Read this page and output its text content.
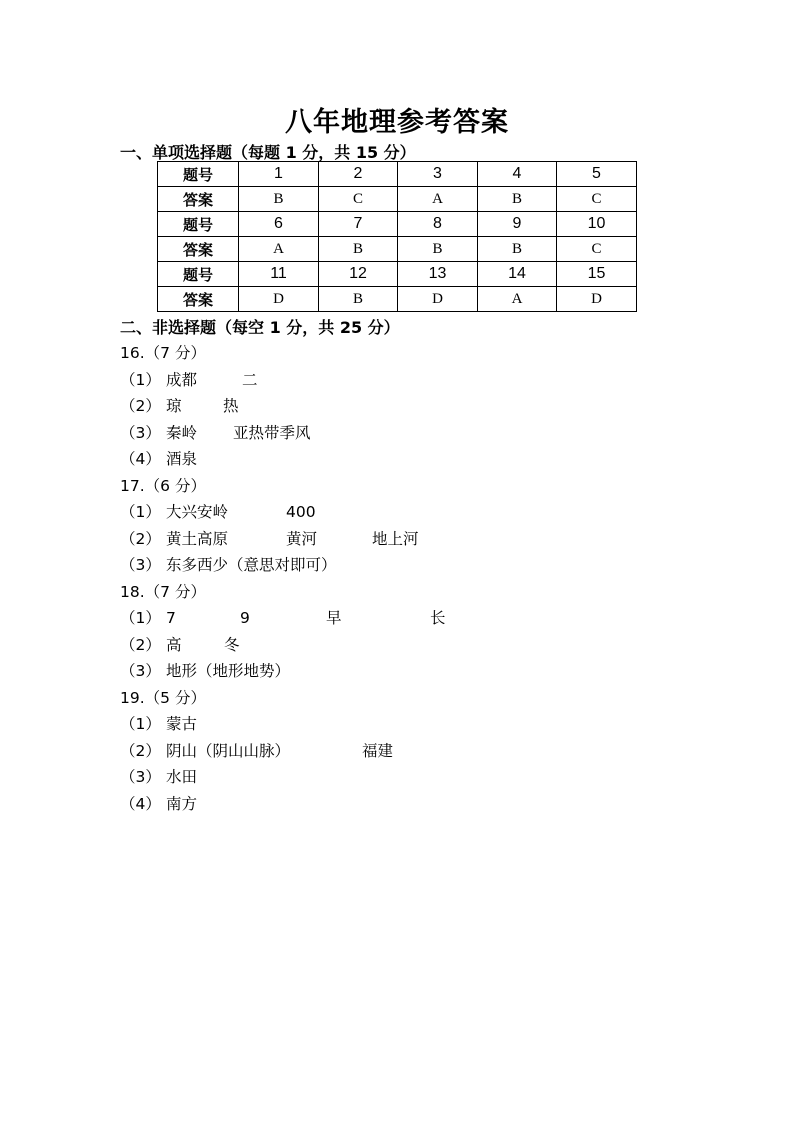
八年地理参考答案
一、单项选择题（每题 1 分，共 15 分）
题号	1	2	3	4	5
答案	B	C	A	B	C
题号	6	7	8	9	10
答案	A	B	B	B	C
题号	11	12	13	14	15
答案	D	B	D	A	D
二、非选择题（每空 1 分，共 25 分）
16.（7 分）
（1） 成都	二
（2） 琼	热
（3） 秦岭 亚热带季风
（4） 酒泉
17.（6 分）
（1） 大兴安岭	400
（2） 黄土高原	黄河	地上河
（3） 东多西少（意思对即可）
18.（7 分）
（1） 7	9	早	长
（2） 高	冬
（3） 地形（地形地势）
19.（5 分）
（1） 蒙古
（2） 阴山（阴山山脉）	福建
（3） 水田
（4） 南方
